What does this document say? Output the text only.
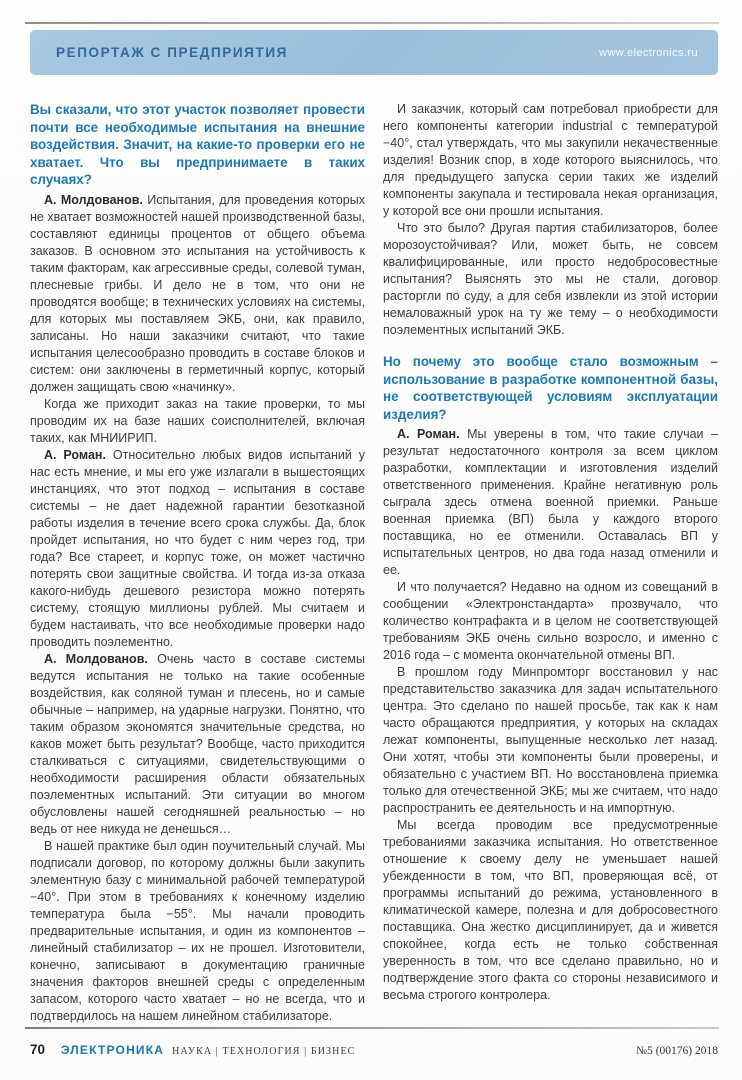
РЕПОРТАЖ С ПРЕДПРИЯТИЯ	www.electronics.ru

Вы сказали, что этот участок позволяет провести почти все необходимые испытания на внешние воздействия. Значит, на какие-то проверки его не хватает. Что вы предпринимаете в таких случаях?

А. Молдованов. Испытания, для проведения которых не хватает возможностей нашей производственной базы, составляют единицы процентов от общего объема заказов. В основном это испытания на устойчивость к таким факторам, как агрессивные среды, солевой туман, плесневые грибы. И дело не в том, что они не проводятся вообще; в технических условиях на системы, для которых мы поставляем ЭКБ, они, как правило, записаны. Но наши заказчики считают, что такие испытания целесообразно проводить в составе блоков и систем: они заключены в герметичный корпус, который должен защищать свою «начинку».

Когда же приходит заказ на такие проверки, то мы проводим их на базе наших соисполнителей, включая таких, как МНИИРИП.

А. Роман. Относительно любых видов испытаний у нас есть мнение, и мы его уже излагали в вышестоящих инстанциях, что этот подход – испытания в составе системы – не дает надежной гарантии безотказной работы изделия в течение всего срока службы. Да, блок пройдет испытания, но что будет с ним через год, три года? Все стареет, и корпус тоже, он может частично потерять свои защитные свойства. И тогда из-за отказа какого-нибудь дешевого резистора можно потерять систему, стоящую миллионы рублей. Мы считаем и будем настаивать, что все необходимые проверки надо проводить поэлементно.

А. Молдованов. Очень часто в составе системы ведутся испытания не только на такие особенные воздействия, как соляной туман и плесень, но и самые обычные – например, на ударные нагрузки. Понятно, что таким образом экономятся значительные средства, но каков может быть результат? Вообще, часто приходится сталкиваться с ситуациями, свидетельствующими о необходимости расширения области обязательных поэлементных испытаний. Эти ситуации во многом обусловлены нашей сегодняшней реальностью – но ведь от нее никуда не денешься…

В нашей практике был один поучительный случай. Мы подписали договор, по которому должны были закупить элементную базу с минимальной рабочей температурой −40°. При этом в требованиях к конечному изделию температура была −55°. Мы начали проводить предварительные испытания, и один из компонентов – линейный стабилизатор – их не прошел. Изготовители, конечно, записывают в документацию граничные значения факторов внешней среды с определенным запасом, которого часто хватает – но не всегда, что и подтвердилось на нашем линейном стабилизаторе.

И заказчик, который сам потребовал приобрести для него компоненты категории industrial с температурой −40°, стал утверждать, что мы закупили некачественные изделия! Возник спор, в ходе которого выяснилось, что для предыдущего запуска серии таких же изделий компоненты закупала и тестировала некая организация, у которой все они прошли испытания.

Что это было? Другая партия стабилизаторов, более морозоустойчивая? Или, может быть, не совсем квалифицированные, или просто недобросовестные испытания? Выяснять это мы не стали, договор расторгли по суду, а для себя извлекли из этой истории немаловажный урок на ту же тему – о необходимости поэлементных испытаний ЭКБ.

Но почему это вообще стало возможным – использование в разработке компонентной базы, не соответствующей условиям эксплуатации изделия?

А. Роман. Мы уверены в том, что такие случаи – результат недостаточного контроля за всем циклом разработки, комплектации и изготовления изделий ответственного применения. Крайне негативную роль сыграла здесь отмена военной приемки. Раньше военная приемка (ВП) была у каждого второго поставщика, но ее отменили. Оставалась ВП у испытательных центров, но два года назад отменили и ее.

И что получается? Недавно на одном из совещаний в сообщении «Электронстандарта» прозвучало, что количество контрафакта и в целом не соответствующей требованиям ЭКБ очень сильно возросло, и именно с 2016 года – с момента окончательной отмены ВП.

В прошлом году Минпромторг восстановил у нас представительство заказчика для задач испытательного центра. Это сделано по нашей просьбе, так как к нам часто обращаются предприятия, у которых на складах лежат компоненты, выпущенные несколько лет назад. Они хотят, чтобы эти компоненты были проверены, и обязательно с участием ВП. Но восстановлена приемка только для отечественной ЭКБ; мы же считаем, что надо распространить ее деятельность и на импортную.

Мы всегда проводим все предусмотренные требованиями заказчика испытания. Но ответственное отношение к своему делу не уменьшает нашей убежденности в том, что ВП, проверяющая всё, от программы испытаний до режима, установленного в климатической камере, полезна и для добросовестного поставщика. Она жестко дисциплинирует, да и живется спокойнее, когда есть не только собственная уверенность в том, что все сделано правильно, но и подтверждение этого факта со стороны независимого и весьма строгого контролера.

70 ЭЛЕКТРОНИКА НАУКА | ТЕХНОЛОГИЯ | БИЗНЕС	№5 (00176) 2018
